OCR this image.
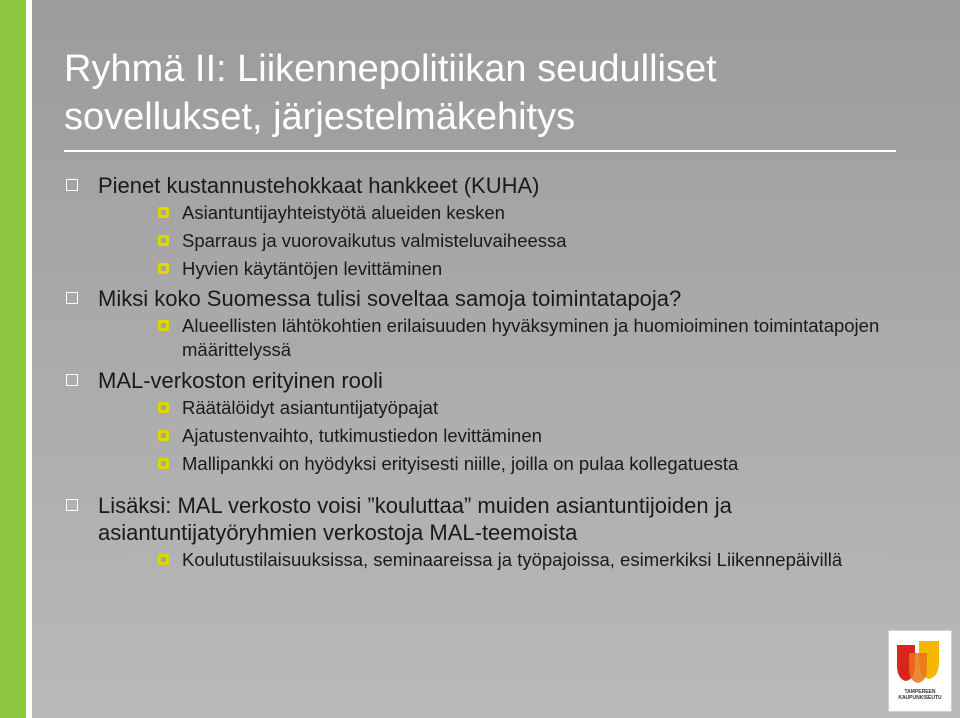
Ryhmä II: Liikennepolitiikan seudulliset sovellukset, järjestelmäkehitys
Pienet kustannustehokkaat hankkeet (KUHA)
Asiantuntijayhteistyötä alueiden kesken
Sparraus ja vuorovaikutus valmisteluvaiheessa
Hyvien käytäntöjen levittäminen
Miksi koko Suomessa tulisi soveltaa samoja toimintatapoja?
Alueellisten lähtökohtien erilaisuuden hyväksyminen ja huomioiminen toimintatapojen määrittelyssä
MAL-verkoston erityinen rooli
Räätälöidyt asiantuntijatyöpajat
Ajatustenvaihto, tutkimustiedon levittäminen
Mallipankki on hyödyksi erityisesti niille, joilla on pulaa kollegatuesta
Lisäksi: MAL verkosto voisi ”kouluttaa” muiden asiantuntijoiden ja asiantuntijatyöryhmien verkostoja MAL-teemoista
Koulutustilaisuuksissa, seminaareissa ja työpajoissa, esimerkiksi Liikennepäivillä
TAMPEREEN
KAUPUNKISEUTU
